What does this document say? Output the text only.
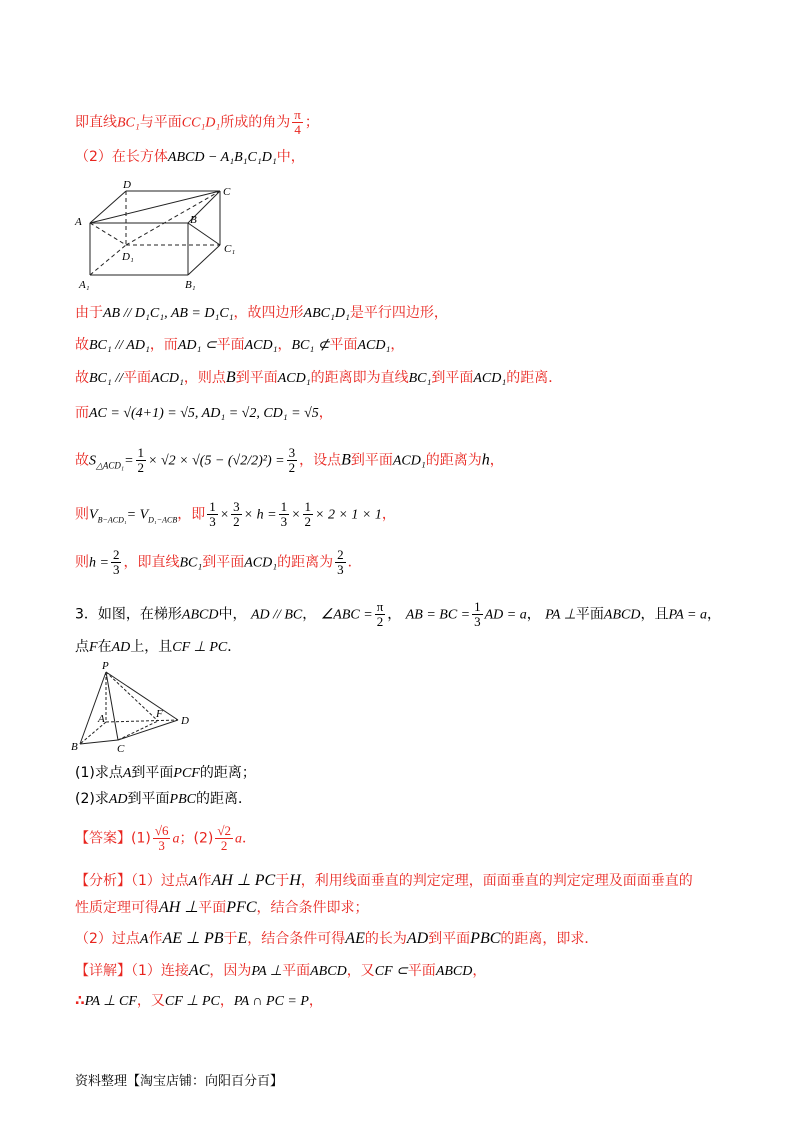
即直线BC₁与平面CC₁D₁所成的角为 $\frac{\pi}{4}$ ；
（2）在长方体ABCD − A₁B₁C₁D₁中，
D
C
A	B
D₁
C₁
A₁	B₁
由于AB // D₁C₁, AB = D₁C₁，故四边形ABC₁D₁是平行四边形，
故BC₁ // AD₁，而AD₁ ⊂平面ACD₁，BC₁ ⊄平面ACD₁，
故BC₁ //平面ACD₁，则点B到平面ACD₁的距离即为直线BC₁到平面ACD₁的距离．
而AC = √(4+1) = √5, AD₁ = √2, CD₁ = √5，
故$S_{\triangle ACD_1}= \frac{1}{2} \times √2 \times √(5 - (√2/2)^2) = \frac{3}{2}$ ，设点B到平面ACD₁的距离为h，
则$V_{B-ACD_1}= V_{D_1-ACB}$，即 $\frac{1}{3} \times \frac{3}{2} \times h = \frac{1}{3} \times \frac{1}{2} \times 2 \times 1 \times 1$，
则$h = \frac{2}{3}$ ，即直线BC₁到平面ACD₁的距离为 $\frac{2}{3}$ ．
3．如图，在梯形ABCD中， AD // BC， ∠ABC = $\frac{\pi}{2}$ ， AB = BC = $\frac{1}{3}$ AD = a， PA ⊥平面ABCD，且PA = a，
点F在AD上，且CF ⊥ PC．
P
A	F
D
B	C
(1)求点A到平面PCF的距离；
(2)求AD到平面PBC的距离．
【答案】$(1) \frac{√6}{3}$ a；$(2) \frac{√2}{2}$ a．
【分析】（1）过点A作AH ⊥ PC于H，利用线面垂直的判定定理，面面垂直的判定定理及面面垂直的
性质定理可得AH ⊥平面PFC，结合条件即求；
（2）过点A作AE ⊥ PB于E，结合条件可得AE的长为AD到平面PBC的距离，即求．
【详解】（1）连接AC，因为PA ⊥平面ABCD，又CF ⊂平面ABCD，
∴PA ⊥ CF，又CF ⊥ PC，PA ∩ PC = P，
资料整理【淘宝店铺：向阳百分百】
